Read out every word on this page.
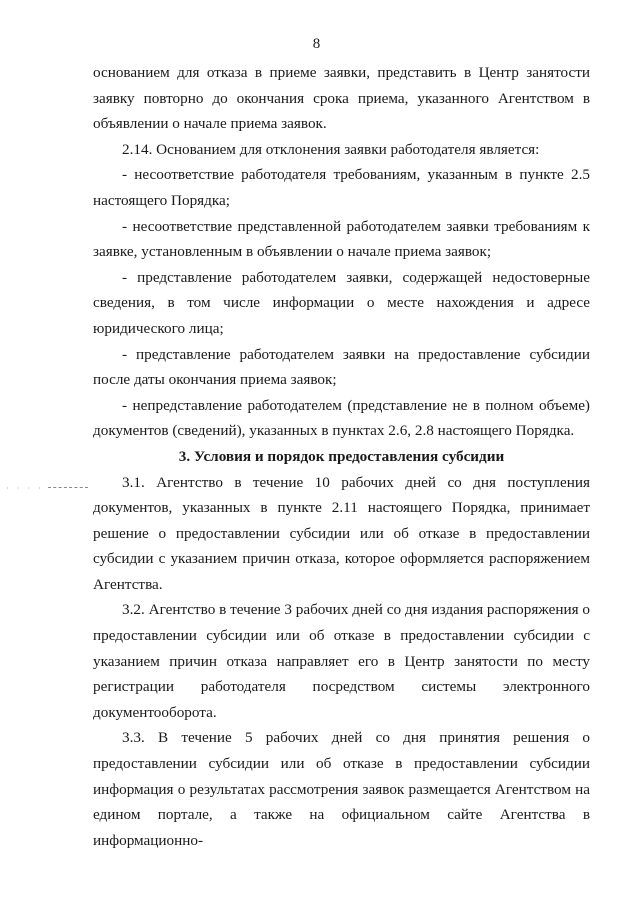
8
· · · ·

основанием для отказа в приеме заявки, представить в Центр занятости заявку повторно до окончания срока приема, указанного Агентством в объявлении о начале приема заявок.

2.14. Основанием для отклонения заявки работодателя является:

- несоответствие работодателя требованиям, указанным в пункте 2.5 настоящего Порядка;

- несоответствие представленной работодателем заявки требованиям к заявке, установленным в объявлении о начале приема заявок;

- представление работодателем заявки, содержащей недостоверные сведения, в том числе информации о месте нахождения и адресе юридического лица;

- представление работодателем заявки на предоставление субсидии после даты окончания приема заявок;

- непредставление работодателем (представление не в полном объеме) документов (сведений), указанных в пунктах 2.6, 2.8 настоящего Порядка.

3. Условия и порядок предоставления субсидии

3.1. Агентство в течение 10 рабочих дней со дня поступления документов, указанных в пункте 2.11 настоящего Порядка, принимает решение о предоставлении субсидии или об отказе в предоставлении субсидии с указанием причин отказа, которое оформляется распоряжением Агентства.

3.2. Агентство в течение 3 рабочих дней со дня издания распоряжения о предоставлении субсидии или об отказе в предоставлении субсидии с указанием причин отказа направляет его в Центр занятости по месту регистрации работодателя посредством системы электронного документооборота.

3.3. В течение 5 рабочих дней со дня принятия решения о предоставлении субсидии или об отказе в предоставлении субсидии информация о результатах рассмотрения заявок размещается Агентством на едином портале, а также на официальном сайте Агентства в информационно-
